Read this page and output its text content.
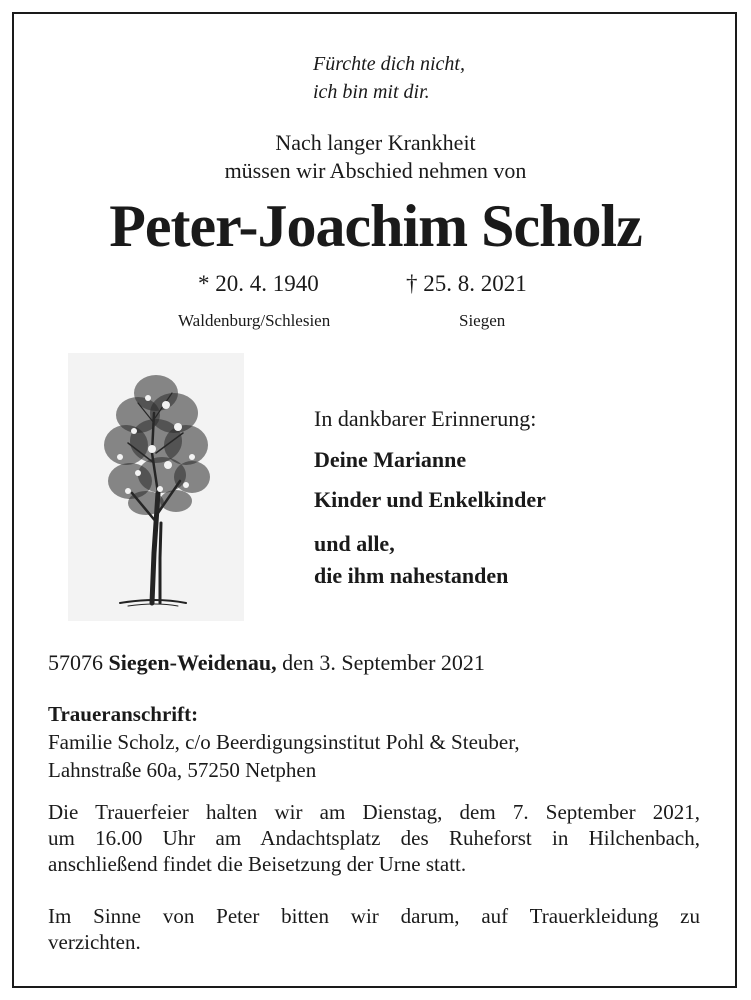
Fürchte dich nicht,
ich bin mit dir.
Nach langer Krankheit
müssen wir Abschied nehmen von
Peter-Joachim Scholz
* 20. 4. 1940	† 25. 8. 2021
Waldenburg/Schlesien	Siegen
In dankbarer Erinnerung:
Deine Marianne
Kinder und Enkelkinder
und alle,
die ihm nahestanden
57076 Siegen-Weidenau, den 3. September 2021
Traueranschrift:
Familie Scholz, c/o Beerdigungsinstitut Pohl & Steuber,
Lahnstraße 60a, 57250 Netphen
Die Trauerfeier halten wir am Dienstag, dem 7. September 2021,
um 16.00 Uhr am Andachtsplatz des Ruheforst in Hilchenbach,
anschließend findet die Beisetzung der Urne statt.
Im Sinne von Peter bitten wir darum, auf Trauerkleidung zu
verzichten.
